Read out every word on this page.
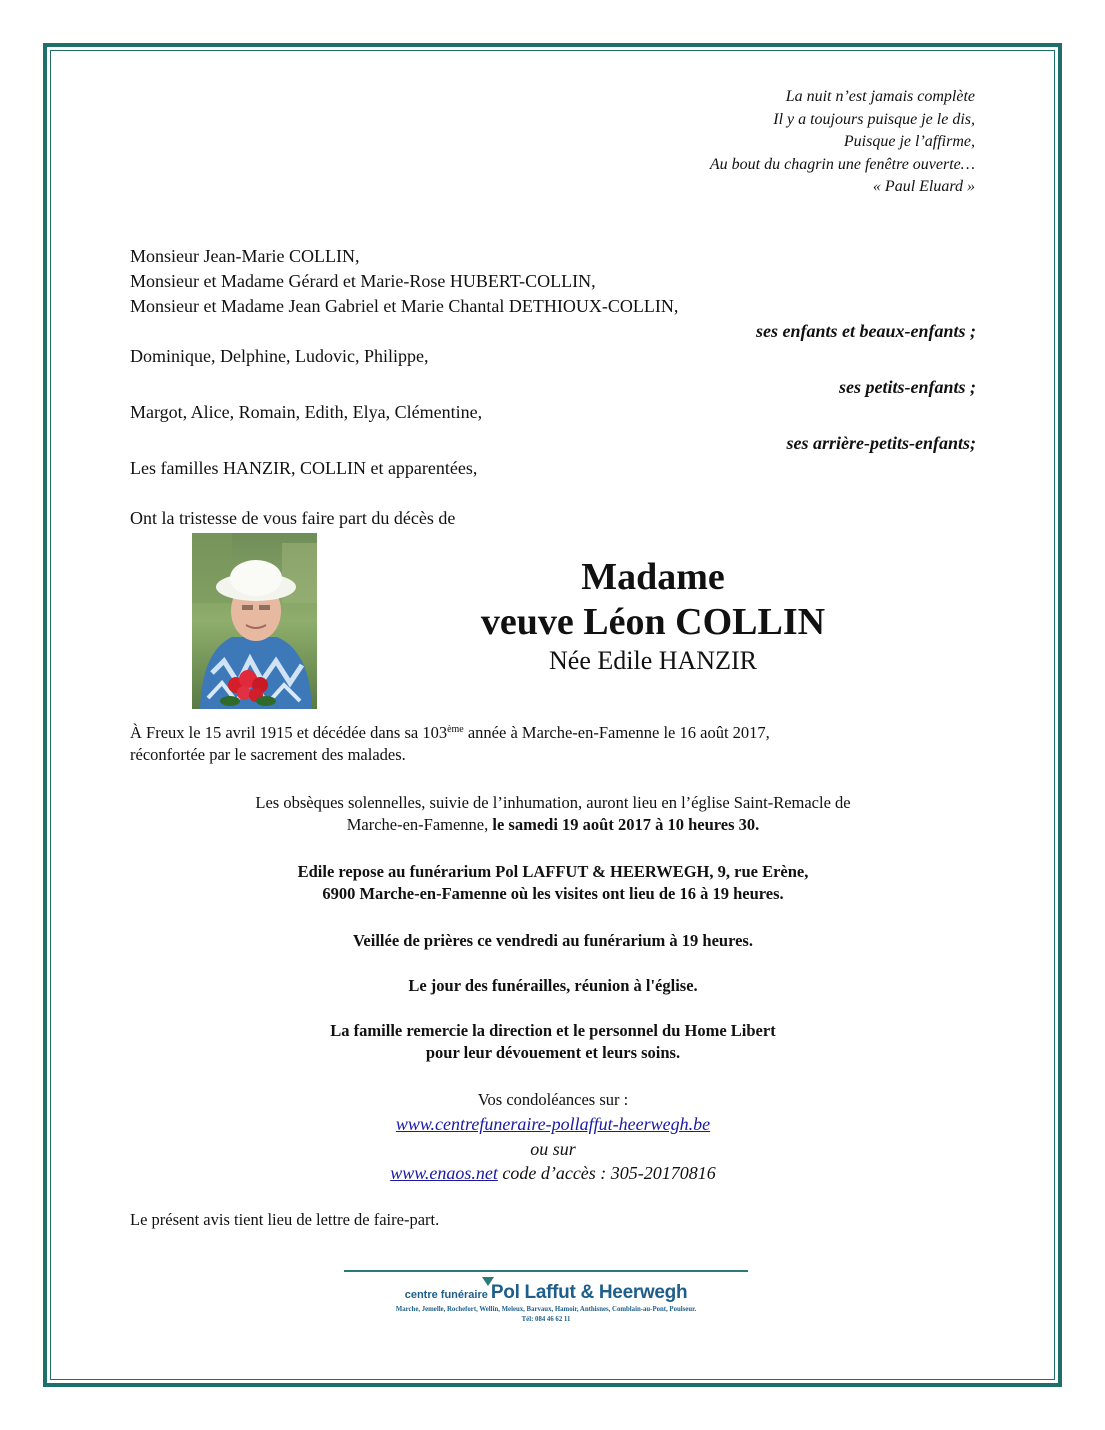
La nuit n’est jamais complète
Il y a toujours puisque je le dis,
Puisque je l’affirme,
Au bout du chagrin une fenêtre ouverte…
« Paul Eluard »
Monsieur Jean-Marie COLLIN,
Monsieur et Madame Gérard et Marie-Rose HUBERT-COLLIN,
Monsieur et Madame Jean Gabriel et Marie Chantal DETHIOUX-COLLIN,
ses enfants et beaux-enfants ;
Dominique, Delphine, Ludovic, Philippe,
ses petits-enfants ;
Margot, Alice, Romain, Edith, Elya, Clémentine,
ses arrière-petits-enfants;
Les familles HANZIR, COLLIN et apparentées,
Ont la tristesse de vous faire part du décès de
Madame
veuve Léon COLLIN
Née Edile HANZIR
À Freux le 15 avril 1915 et décédée dans sa 103ème année à Marche-en-Famenne le 16 août 2017,
réconfortée par le sacrement des malades.
Les obsèques solennelles, suivie de l’inhumation, auront lieu en l’église Saint-Remacle de
Marche-en-Famenne, le samedi 19 août 2017 à 10 heures 30.
Edile repose au funérarium Pol LAFFUT & HEERWEGH, 9, rue Erène,
6900 Marche-en-Famenne où les visites ont lieu de 16 à 19 heures.
Veillée de prières ce vendredi au funérarium à 19 heures.
Le jour des funérailles, réunion à l'église.
La famille remercie la direction et le personnel du Home Libert
pour leur dévouement et leurs soins.
Vos condoléances sur :
www.centrefuneraire-pollaffut-heerwegh.be
ou sur
www.enaos.net code d’accès : 305-20170816
Le présent avis tient lieu de lettre de faire-part.
centre funéraire Pol Laffut & Heerwegh
Marche, Jemelle, Rochefort, Wellin, Meleux, Barvaux, Hamoir, Anthisnes, Comblain-au-Pont, Poulseur.
Tél: 084 46 62 11
